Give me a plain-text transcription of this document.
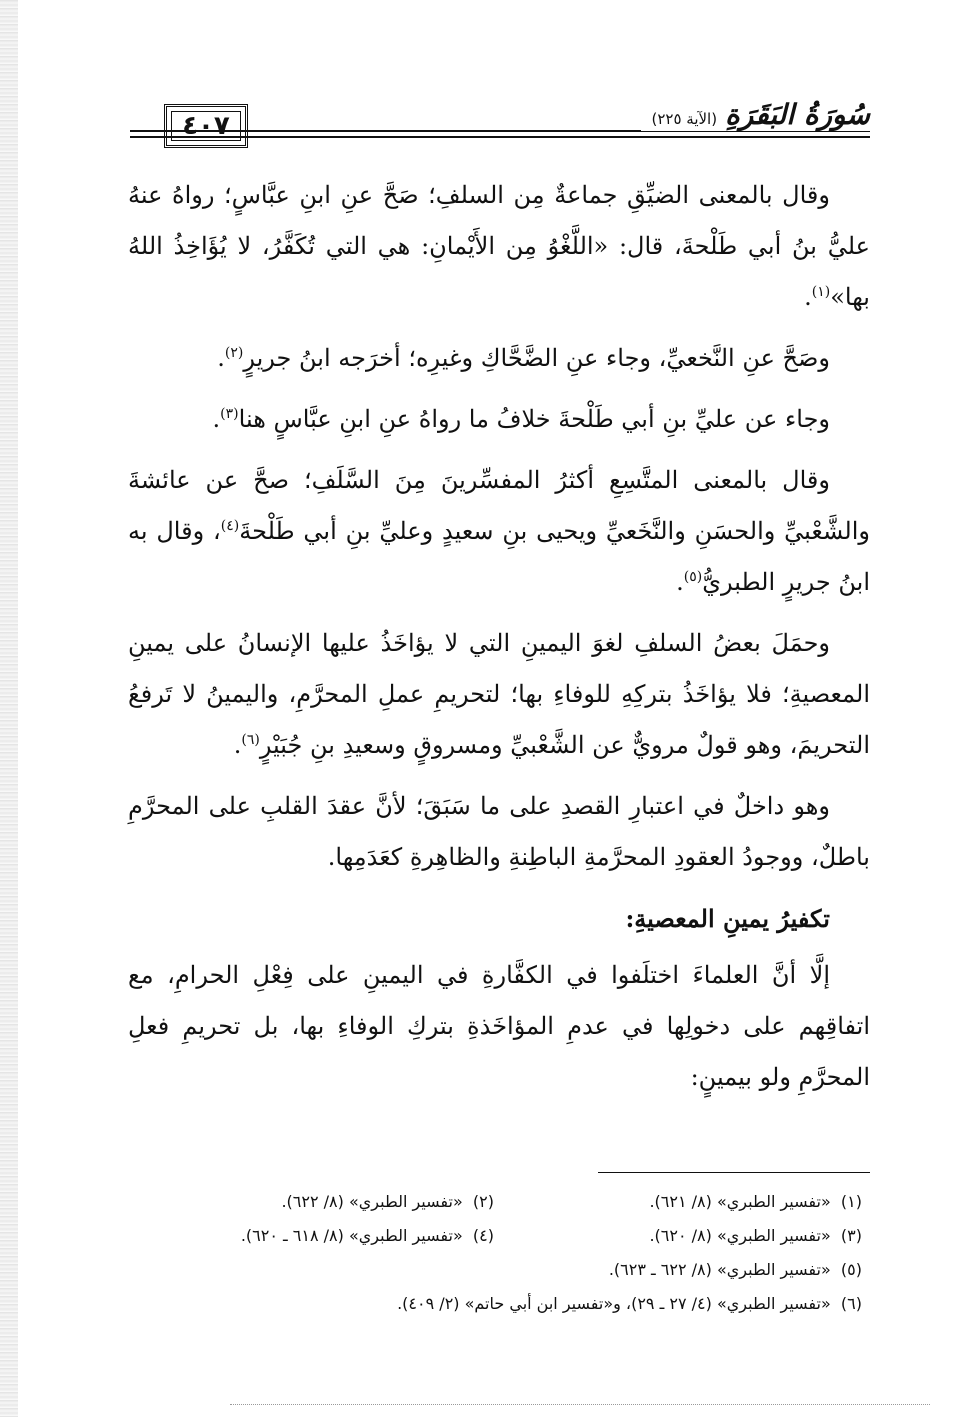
٤٠٧	سُورَةُ البَقَرَةِ
(الآية ٢٢٥)

وقال بالمعنى الضيِّقِ جماعةٌ مِن السلفِ؛ صَحَّ عنِ ابنِ عبَّاسٍ؛ رواهُ عنهُ عليُّ بنُ أبي طَلْحةَ، قال: «اللَّغْوُ مِن الأَيْمانِ: هي التي تُكَفَّرُ، لا يُؤَاخِذُ اللهُ بها»$^{(١)}$.

وصَحَّ عنِ النَّخعيِّ، وجاء عنِ الضَّحَّاكِ وغيرِه؛ أخرَجه ابنُ جريرٍ$^{(٢)}$.

وجاء عن عليِّ بنِ أبي طَلْحةَ خلافُ ما رواهُ عنِ ابنِ عبَّاسٍ هنا$^{(٣)}$.

وقال بالمعنى المتَّسِعِ أكثرُ المفسِّرينَ مِنَ السَّلَفِ؛ صحَّ عن عائشةَ والشَّعْبيِّ والحسَنِ والنَّخَعيِّ ويحيى بنِ سعيدٍ وعليِّ بنِ أبي طَلْحةَ$^{(٤)}$، وقال به ابنُ جريرٍ الطبريُّ$^{(٥)}$.

وحمَلَ بعضُ السلفِ لغوَ اليمينِ التي لا يؤاخَذُ عليها الإنسانُ على يمينِ المعصيةِ؛ فلا يؤاخَذُ بتركِهِ للوفاءِ بها؛ لتحريمِ عملِ المحرَّمِ، واليمينُ لا تَرفعُ التحريمَ، وهو قولٌ مرويٌّ عن الشَّعْبيِّ ومسروقٍ وسعيدِ بنِ جُبَيْرٍ$^{(٦)}$.

وهو داخلٌ في اعتبارِ القصدِ على ما سَبَقَ؛ لأنَّ عقدَ القلبِ على المحرَّمِ باطلٌ، ووجودُ العقودِ المحرَّمةِ الباطِنةِ والظاهِرةِ كعَدَمِها.

تكفيرُ يمينِ المعصيةِ:

إلَّا أنَّ العلماءَ اختلَفوا في الكفَّارةِ في اليمينِ على فِعْلِ الحرامِ، مع اتفاقِهم على دخولِها في عدمِ المؤاخَذةِ بتركِ الوفاءِ بها، بل تحريمِ فعلِ المحرَّمِ ولو بيمينٍ:

(١)  «تفسير الطبري» (٨/ ٦٢١).
(٢)  «تفسير الطبري» (٨/ ٦٢٢).
(٣)  «تفسير الطبري» (٨/ ٦٢٠).
(٤)  «تفسير الطبري» (٨/ ٦١٨ ـ ٦٢٠).
(٥)  «تفسير الطبري» (٨/ ٦٢٢ ـ ٦٢٣).
(٦)  «تفسير الطبري» (٤/ ٢٧ ـ ٢٩)، و«تفسير ابن أبي حاتم» (٢/ ٤٠٩).
